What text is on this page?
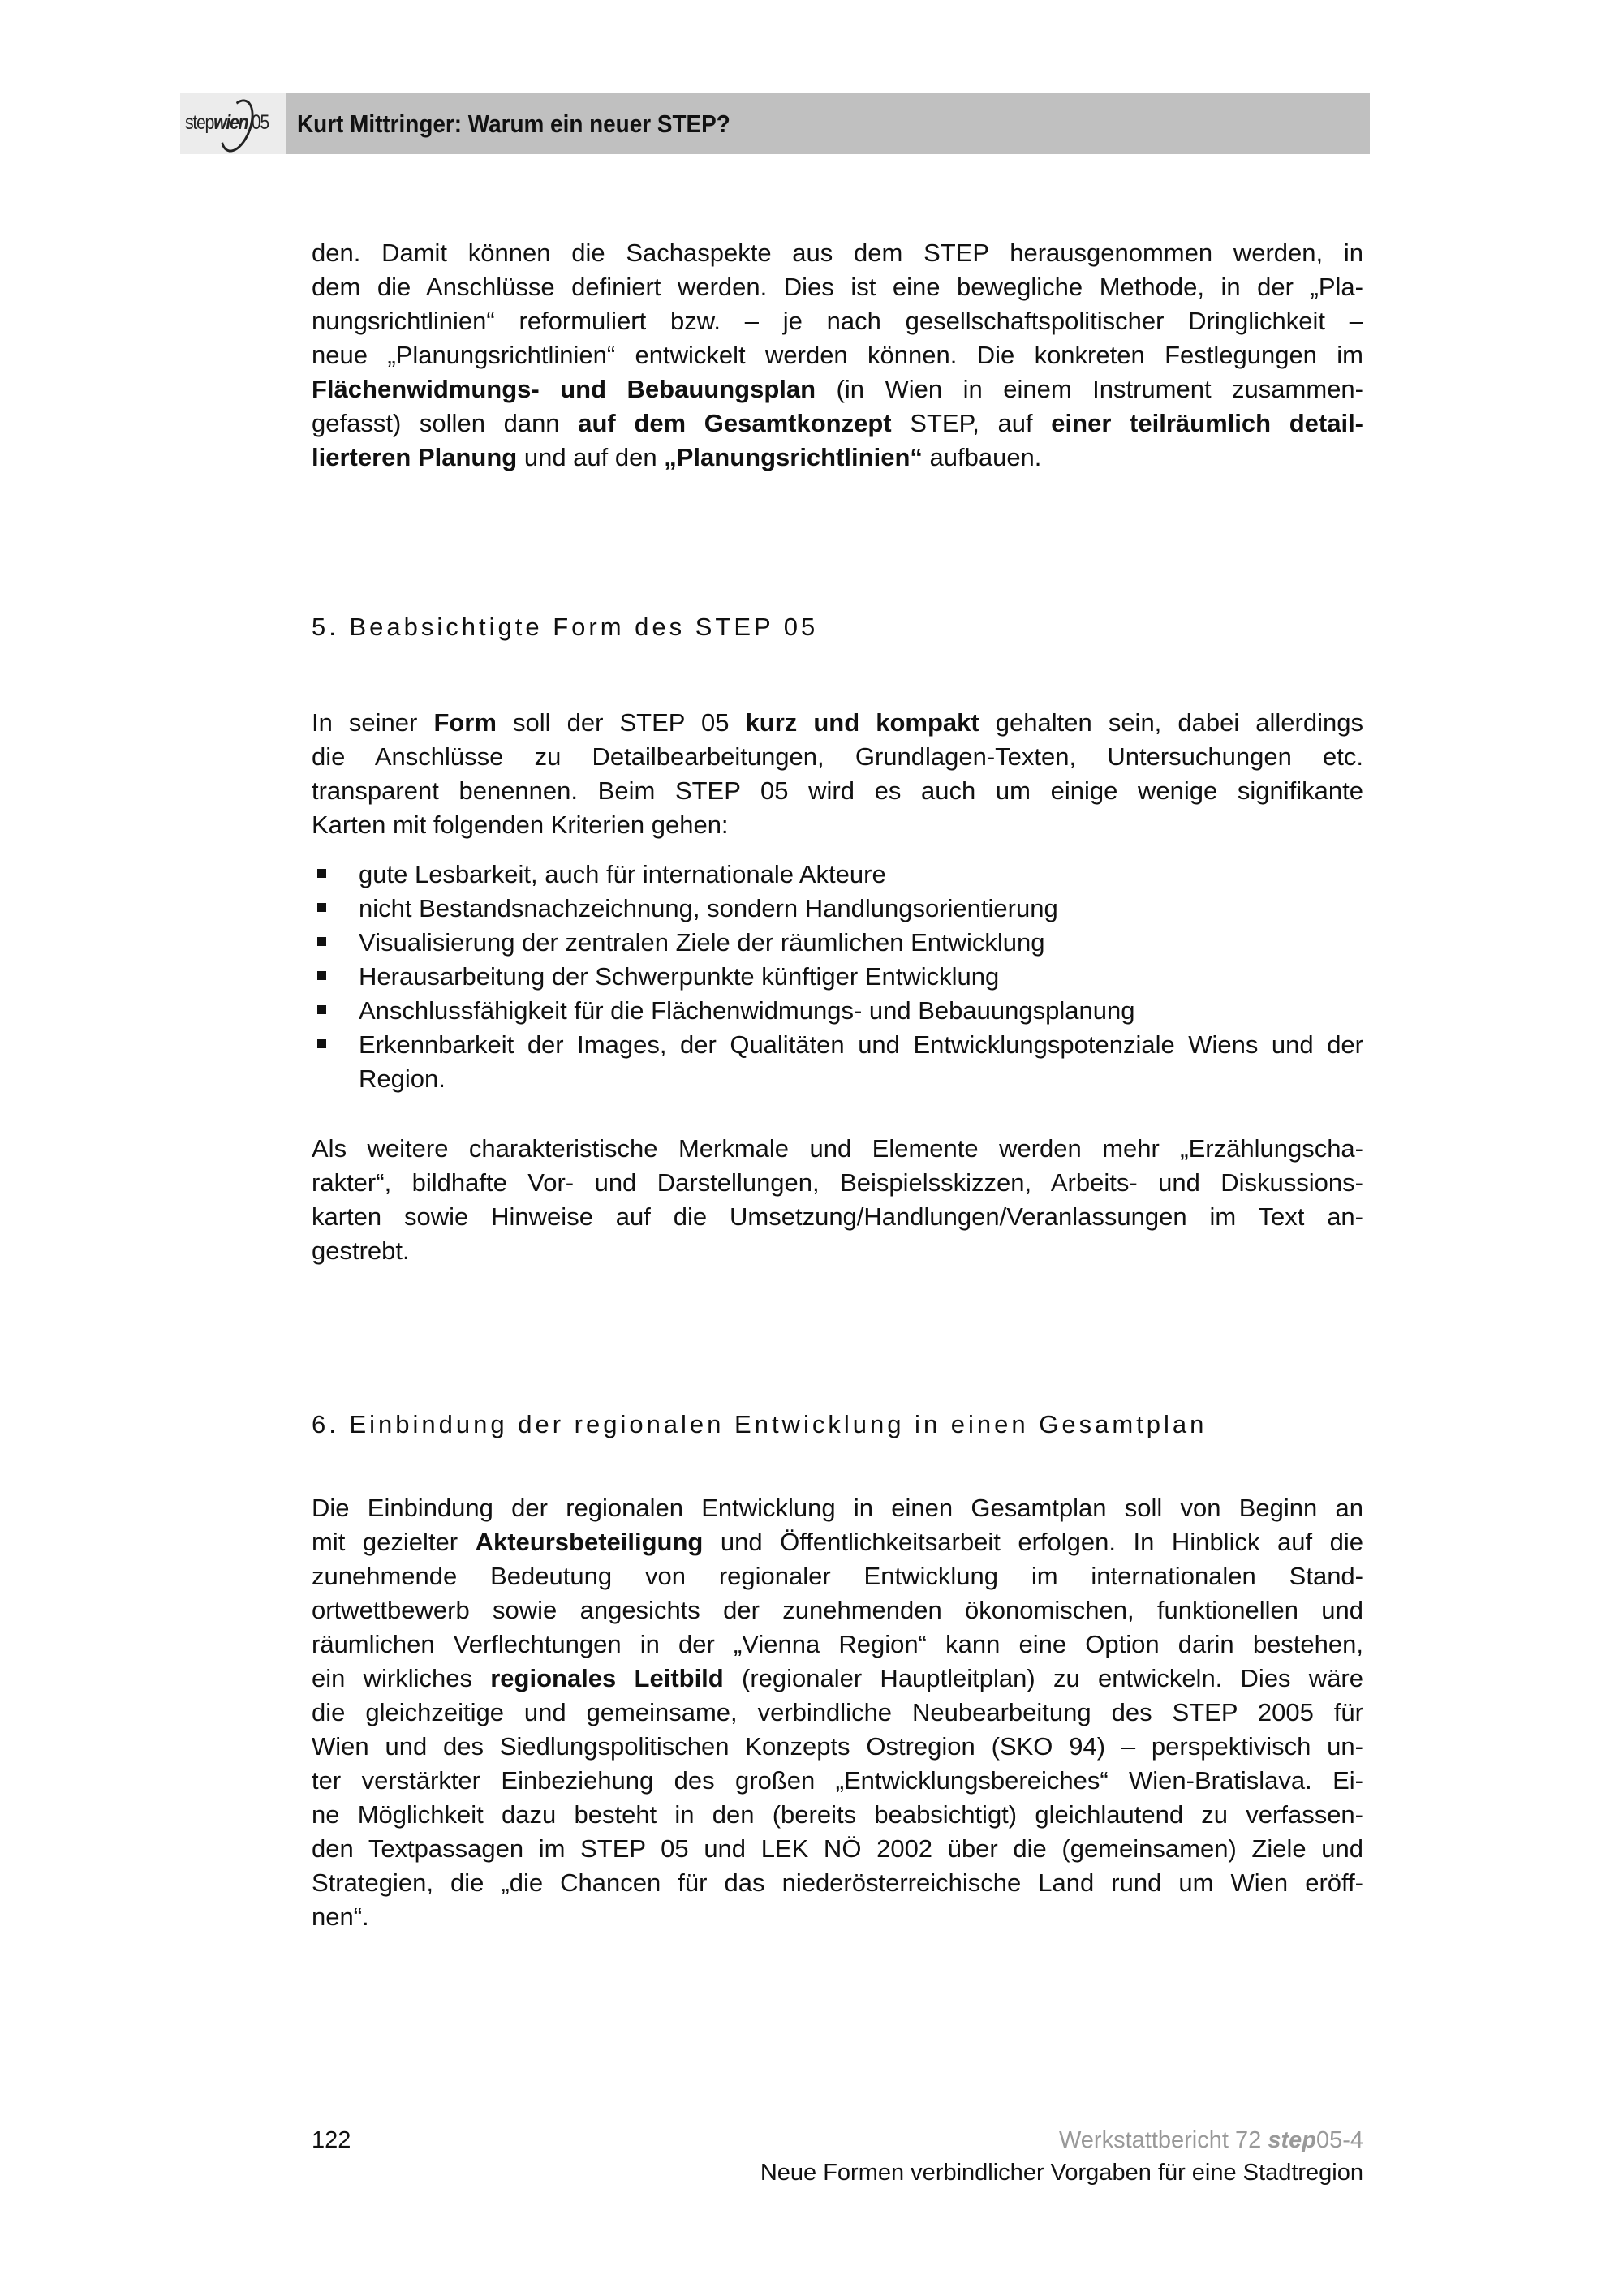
stepwien.05 Kurt Mittringer: Warum ein neuer STEP?
den. Damit können die Sachaspekte aus dem STEP herausgenommen werden, in
dem die Anschlüsse definiert werden. Dies ist eine bewegliche Methode, in der „Pla-
nungsrichtlinien“ reformuliert bzw. – je nach gesellschaftspolitischer Dringlichkeit –
neue „Planungsrichtlinien“ entwickelt werden können. Die konkreten Festlegungen im
Flächenwidmungs- und Bebauungsplan (in Wien in einem Instrument zusammen-
gefasst) sollen dann auf dem Gesamtkonzept STEP, auf einer teilräumlich detail-
lierteren Planung und auf den „Planungsrichtlinien“ aufbauen.
5. Beabsichtigte Form des STEP 05
In seiner Form soll der STEP 05 kurz und kompakt gehalten sein, dabei allerdings
die Anschlüsse zu Detailbearbeitungen, Grundlagen-Texten, Untersuchungen etc.
transparent benennen. Beim STEP 05 wird es auch um einige wenige signifikante
Karten mit folgenden Kriterien gehen:
gute Lesbarkeit, auch für internationale Akteure
nicht Bestandsnachzeichnung, sondern Handlungsorientierung
Visualisierung der zentralen Ziele der räumlichen Entwicklung
Herausarbeitung der Schwerpunkte künftiger Entwicklung
Anschlussfähigkeit für die Flächenwidmungs- und Bebauungsplanung
Erkennbarkeit der Images, der Qualitäten und Entwicklungspotenziale Wiens und der Region.
Als weitere charakteristische Merkmale und Elemente werden mehr „Erzählungscha-
rakter“, bildhafte Vor- und Darstellungen, Beispielsskizzen, Arbeits- und Diskussions-
karten sowie Hinweise auf die Umsetzung/Handlungen/Veranlassungen im Text an-
gestrebt.
6. Einbindung der regionalen Entwicklung in einen Gesamtplan
Die Einbindung der regionalen Entwicklung in einen Gesamtplan soll von Beginn an
mit gezielter Akteursbeteiligung und Öffentlichkeitsarbeit erfolgen. In Hinblick auf die
zunehmende Bedeutung von regionaler Entwicklung im internationalen Stand-
ortwettbewerb sowie angesichts der zunehmenden ökonomischen, funktionellen und
räumlichen Verflechtungen in der „Vienna Region“ kann eine Option darin bestehen,
ein wirkliches regionales Leitbild (regionaler Hauptleitplan) zu entwickeln. Dies wäre
die gleichzeitige und gemeinsame, verbindliche Neubearbeitung des STEP 2005 für
Wien und des Siedlungspolitischen Konzepts Ostregion (SKO 94) – perspektivisch un-
ter verstärkter Einbeziehung des großen „Entwicklungsbereiches“ Wien-Bratislava. Ei-
ne Möglichkeit dazu besteht in den (bereits beabsichtigt) gleichlautend zu verfassen-
den Textpassagen im STEP 05 und LEK NÖ 2002 über die (gemeinsamen) Ziele und
Strategien, die „die Chancen für das niederösterreichische Land rund um Wien eröff-
nen“.
122	Werkstattbericht 72 step05-4
Neue Formen verbindlicher Vorgaben für eine Stadtregion
